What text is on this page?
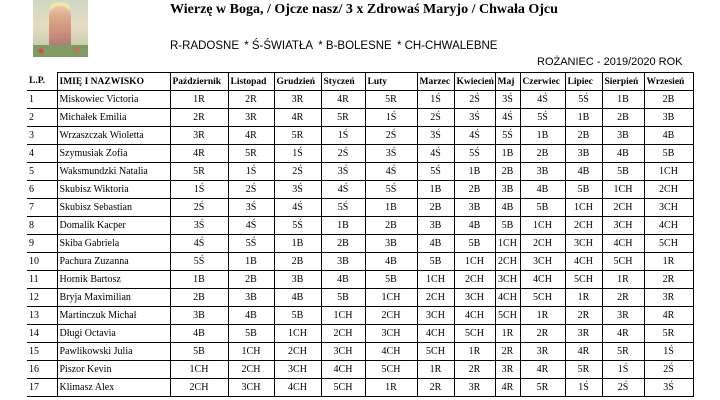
Wierzę w Boga, / Ojcze nasz/ 3 x Zdrowaś Maryjo / Chwała Ojcu
R-RADOSNE * Ś-ŚWIATŁA * B-BOLESNE * CH-CHWALEBNE
ROŻANIEC - 2019/2020 ROK
L.P.	IMIĘ I NAZWISKO	Październik	Listopad	Grudzień	Styczeń	Luty	Marzec	Kwiecień	Maj	Czerwiec	Lipiec	Sierpień	Wrzesień
1	Miskowiec Victoria	1R	2R	3R	4R	5R	1Ś	2Ś	3Ś	4Ś	5Ś	1B	2B
2	Michałek Emilia	2R	3R	4R	5R	1Ś	2Ś	3Ś	4Ś	5Ś	1B	2B	3B
3	Wrzaszczak Wioletta	3R	4R	5R	1Ś	2Ś	3Ś	4Ś	5Ś	1B	2B	3B	4B
4	Szymusiak Zofia	4R	5R	1Ś	2Ś	3Ś	4Ś	5Ś	1B	2B	3B	4B	5B
5	Waksmundzki Natalia	5R	1Ś	2Ś	3Ś	4Ś	5Ś	1B	2B	3B	4B	5B	1CH
6	Skubisz Wiktoria	1Ś	2Ś	3Ś	4Ś	5Ś	1B	2B	3B	4B	5B	1CH	2CH
7	Skubisz Sebastian	2Ś	3Ś	4Ś	5Ś	1B	2B	3B	4B	5B	1CH	2CH	3CH
8	Domalik Kacper	3Ś	4Ś	5Ś	1B	2B	3B	4B	5B	1CH	2CH	3CH	4CH
9	Skiba Gabriela	4Ś	5Ś	1B	2B	3B	4B	5B	1CH	2CH	3CH	4CH	5CH
10	Pachura Zuzanna	5Ś	1B	2B	3B	4B	5B	1CH	2CH	3CH	4CH	5CH	1R
11	Hornik Bartosz	1B	2B	3B	4B	5B	1CH	2CH	3CH	4CH	5CH	1R	2R
12	Bryja Maximilian	2B	3B	4B	5B	1CH	2CH	3CH	4CH	5CH	1R	2R	3R
13	Martinczuk Michał	3B	4B	5B	1CH	2CH	3CH	4CH	5CH	1R	2R	3R	4R
14	Długi Octavia	4B	5B	1CH	2CH	3CH	4CH	5CH	1R	2R	3R	4R	5R
15	Pawlikowski Julia	5B	1CH	2CH	3CH	4CH	5CH	1R	2R	3R	4R	5R	1Ś
16	Piszor Kevin	1CH	2CH	3CH	4CH	5CH	1R	2R	3R	4R	5R	1Ś	2Ś
17	Klimasz Alex	2CH	3CH	4CH	5CH	1R	2R	3R	4R	5R	1Ś	2Ś	3Ś
